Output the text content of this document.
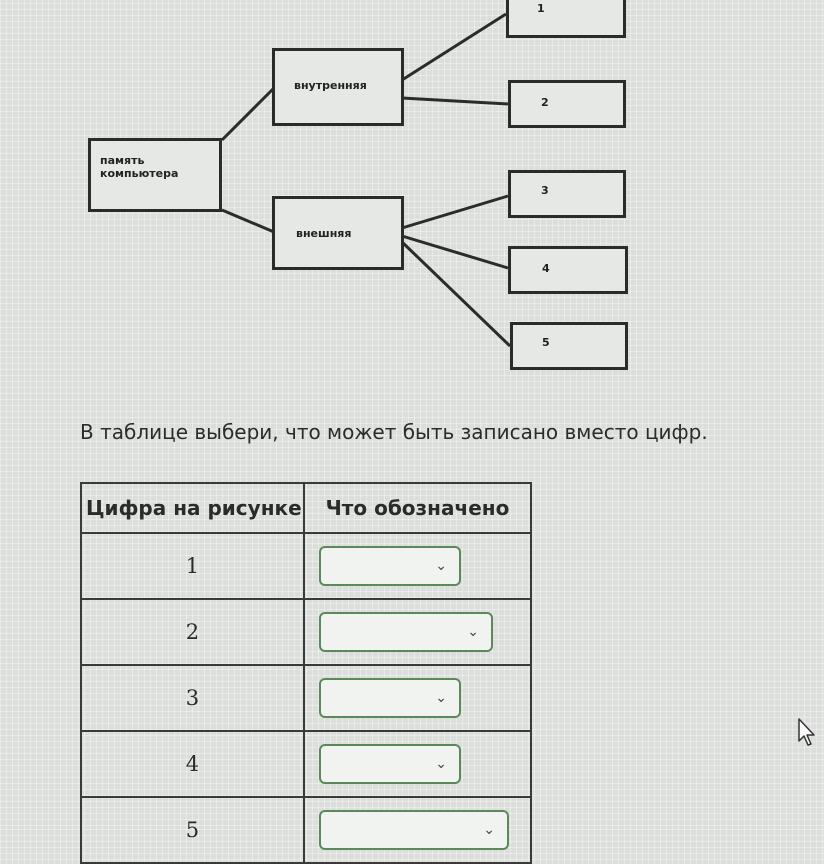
память
компьютера
внутренняя
внешняя
1
2
3
4
5
В таблице выбери, что может быть записано вместо цифр.
Цифра на рисунке	Что обозначено
1	⌄

2	⌄

3	⌄

4	⌄

5	⌄
